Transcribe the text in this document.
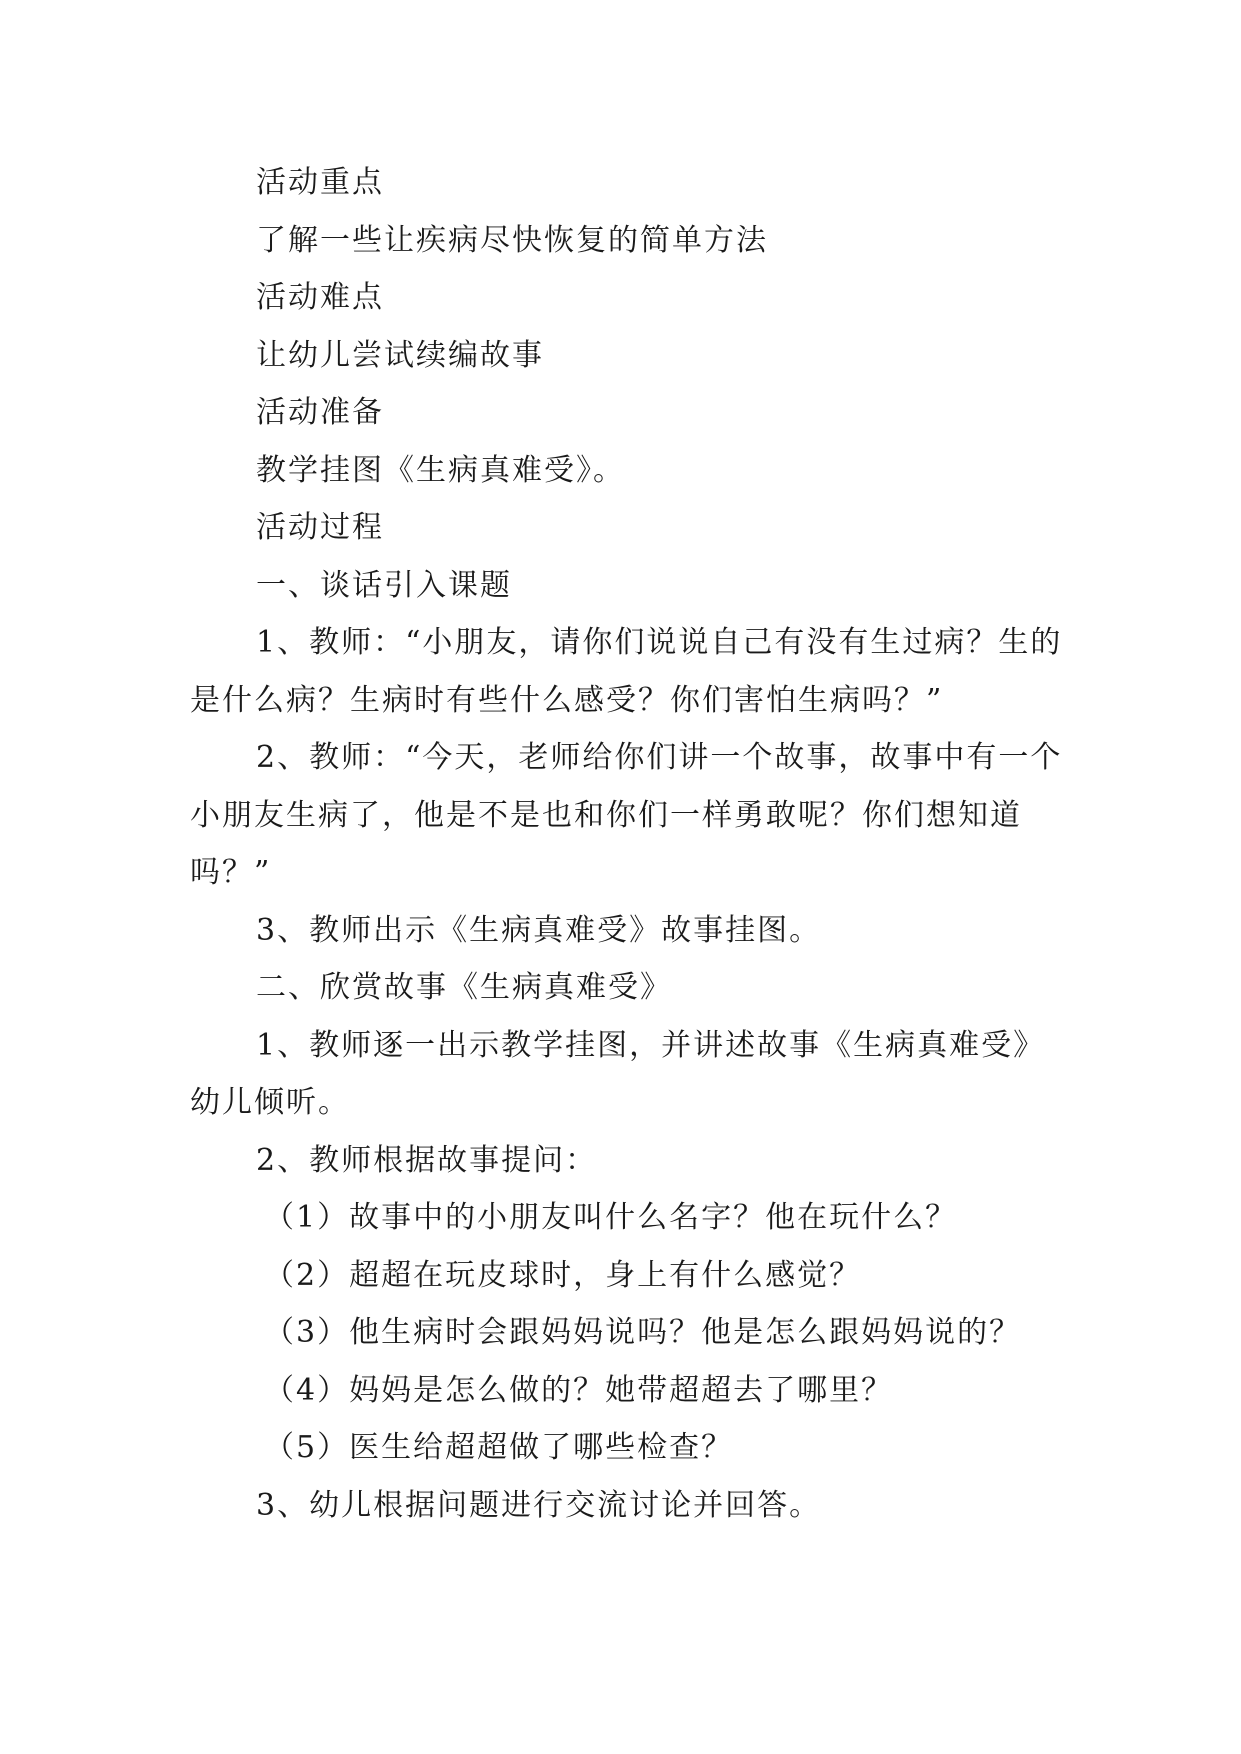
活动重点

了解一些让疾病尽快恢复的简单方法

活动难点

让幼儿尝试续编故事

活动准备

教学挂图《生病真难受》。

活动过程

一、谈话引入课题

1、教师：“小朋友，请你们说说自己有没有生过病？生的是什么病？生病时有些什么感受？你们害怕生病吗？”

2、教师：“今天，老师给你们讲一个故事，故事中有一个小朋友生病了，他是不是也和你们一样勇敢呢？你们想知道吗？”

3、教师出示《生病真难受》故事挂图。

二、欣赏故事《生病真难受》

1、教师逐一出示教学挂图，并讲述故事《生病真难受》幼儿倾听。

2、教师根据故事提问：

（1）故事中的小朋友叫什么名字？他在玩什么？

（2）超超在玩皮球时，身上有什么感觉？

（3）他生病时会跟妈妈说吗？他是怎么跟妈妈说的？

（4）妈妈是怎么做的？她带超超去了哪里？

（5）医生给超超做了哪些检查？

3、幼儿根据问题进行交流讨论并回答。
